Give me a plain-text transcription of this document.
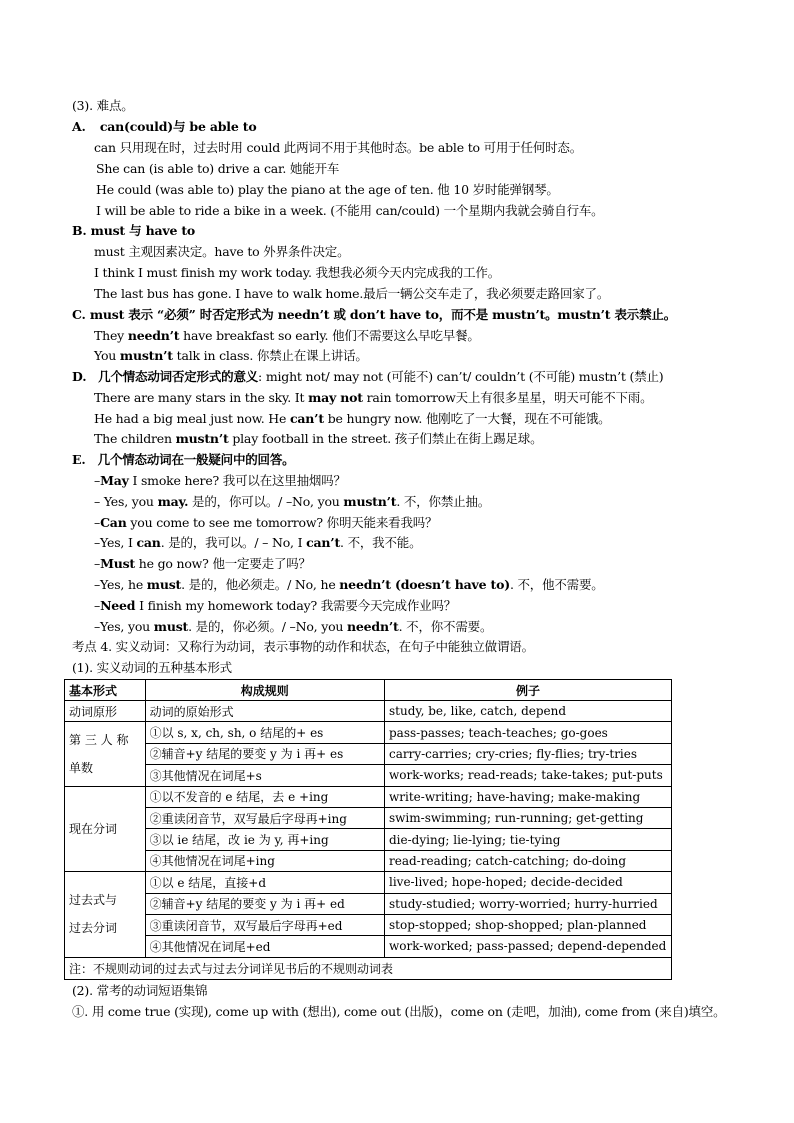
(3). 难点。
A. can(could)与 be able to
can 只用现在时，过去时用 could 此两词不用于其他时态。be able to 可用于任何时态。
She can (is able to) drive a car. 她能开车
He could (was able to) play the piano at the age of ten. 他 10 岁时能弹钢琴。
I will be able to ride a bike in a week. (不能用 can/could) 一个星期内我就会骑自行车。
B. must 与 have to
must 主观因素决定。have to 外界条件决定。
I think I must finish my work today. 我想我必须今天内完成我的工作。
The last bus has gone. I have to walk home.最后一辆公交车走了，我必须要走路回家了。
C. must 表示 “必须” 时否定形式为 needn’t 或 don’t have to，而不是 mustn’t。mustn’t 表示禁止。
They needn’t have breakfast so early. 他们不需要这么早吃早餐。
You mustn’t talk in class. 你禁止在课上讲话。
D. 几个情态动词否定形式的意义: might not/ may not (可能不) can’t/ couldn’t (不可能) mustn’t (禁止)
There are many stars in the sky. It may not rain tomorrow天上有很多星星，明天可能不下雨。
He had a big meal just now. He can’t be hungry now. 他刚吃了一大餐，现在不可能饿。
The children mustn’t play football in the street. 孩子们禁止在街上踢足球。
E. 几个情态动词在一般疑问中的回答。
–May I smoke here? 我可以在这里抽烟吗？
– Yes, you may. 是的，你可以。/ –No, you mustn’t. 不，你禁止抽。
–Can you come to see me tomorrow? 你明天能来看我吗？
–Yes, I can. 是的，我可以。/ – No, I can’t. 不，我不能。
–Must he go now? 他一定要走了吗？
–Yes, he must. 是的，他必须走。/ No, he needn’t (doesn’t have to). 不，他不需要。
–Need I finish my homework today? 我需要今天完成作业吗？
–Yes, you must. 是的，你必须。/ –No, you needn’t. 不，你不需要。
考点 4. 实义动词：又称行为动词，表示事物的动作和状态，在句子中能独立做谓语。
(1). 实义动词的五种基本形式
基本形式	构成规则	例子
动词原形	动词的原始形式	study, be, like, catch, depend

第 三 人 称
单数	①以 s, x, ch, sh, o 结尾的+ es	pass-passes; teach-teaches; go-goes
	②辅音+y 结尾的要变 y 为 i 再+ es	carry-carries; cry-cries; fly-flies; try-tries
	③其他情况在词尾+s	work-works; read-reads; take-takes; put-puts
现在分词	①以不发音的 e 结尾，去 e +ing	write-writing; have-having; make-making
	②重读闭音节，双写最后字母再+ing	swim-swimming; run-running; get-getting
	③以 ie 结尾，改 ie 为 y, 再+ing	die-dying; lie-lying; tie-tying
	④其他情况在词尾+ing	read-reading; catch-catching; do-doing

过去式与
过去分词	①以 e 结尾，直接+d	live-lived; hope-hoped; decide-decided
	②辅音+y 结尾的要变 y 为 i 再+ ed	study-studied; worry-worried; hurry-hurried
	③重读闭音节，双写最后字母再+ed	stop-stopped; shop-shopped; plan-planned
	④其他情况在词尾+ed	work-worked; pass-passed; depend-depended
注：不规则动词的过去式与过去分词详见书后的不规则动词表		
(2). 常考的动词短语集锦
①. 用 come true (实现), come up with (想出), come out (出版)，come on (走吧，加油), come from (来自)填空。
